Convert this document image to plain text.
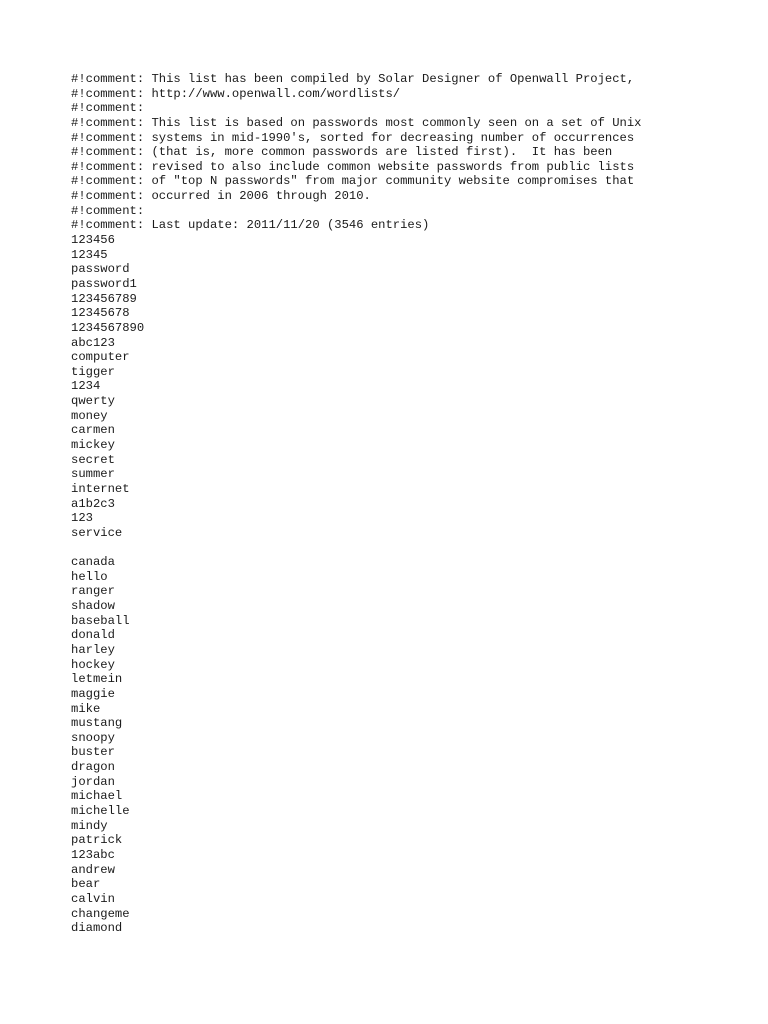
#!comment: This list has been compiled by Solar Designer of Openwall Project,
#!comment: http://www.openwall.com/wordlists/
#!comment:
#!comment: This list is based on passwords most commonly seen on a set of Unix
#!comment: systems in mid-1990's, sorted for decreasing number of occurrences
#!comment: (that is, more common passwords are listed first).  It has been
#!comment: revised to also include common website passwords from public lists
#!comment: of "top N passwords" from major community website compromises that
#!comment: occurred in 2006 through 2010.
#!comment:
#!comment: Last update: 2011/11/20 (3546 entries)
123456
12345
password
password1
123456789
12345678
1234567890
abc123
computer
tigger
1234
qwerty
money
carmen
mickey
secret
summer
internet
a1b2c3
123
service
canada
hello
ranger
shadow
baseball
donald
harley
hockey
letmein
maggie
mike
mustang
snoopy
buster
dragon
jordan
michael
michelle
mindy
patrick
123abc
andrew
bear
calvin
changeme
diamond
